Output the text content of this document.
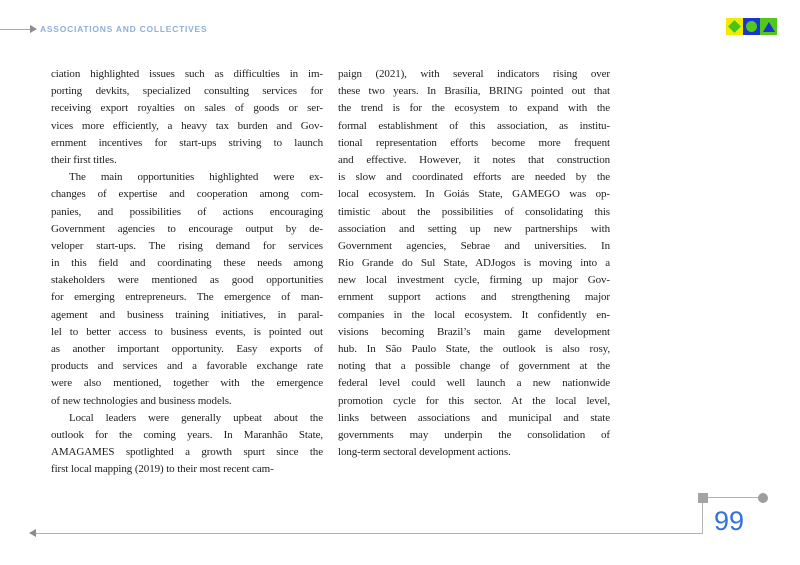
ASSOCIATIONS AND COLLECTIVES
ciation highlighted issues such as difficulties in im-
porting devkits, specialized consulting services for
receiving export royalties on sales of goods or ser-
vices more efficiently, a heavy tax burden and Gov-
ernment incentives for start-ups striving to launch
their first titles.
The main opportunities highlighted were ex-
changes of expertise and cooperation among com-
panies, and possibilities of actions encouraging
Government agencies to encourage output by de-
veloper start-ups. The rising demand for services
in this field and coordinating these needs among
stakeholders were mentioned as good opportunities
for emerging entrepreneurs. The emergence of man-
agement and business training initiatives, in paral-
lel to better access to business events, is pointed out
as another important opportunity. Easy exports of
products and services and a favorable exchange rate
were also mentioned, together with the emergence
of new technologies and business models.
Local leaders were generally upbeat about the
outlook for the coming years. In Maranhão State,
AMAGAMES spotlighted a growth spurt since the
first local mapping (2019) to their most recent cam-
paign (2021), with several indicators rising over
these two years. In Brasília, BRING pointed out that
the trend is for the ecosystem to expand with the
formal establishment of this association, as institu-
tional representation efforts become more frequent
and effective. However, it notes that construction
is slow and coordinated efforts are needed by the
local ecosystem. In Goiás State, GAMEGO was op-
timistic about the possibilities of consolidating this
association and setting up new partnerships with
Government agencies, Sebrae and universities. In
Rio Grande do Sul State, ADJogos is moving into a
new local investment cycle, firming up major Gov-
ernment support actions and strengthening major
companies in the local ecosystem. It confidently en-
visions becoming Brazil’s main game development
hub. In São Paulo State, the outlook is also rosy,
noting that a possible change of government at the
federal level could well launch a new nationwide
promotion cycle for this sector. At the local level,
links between associations and municipal and state
governments may underpin the consolidation of
long-term sectoral development actions.
99
